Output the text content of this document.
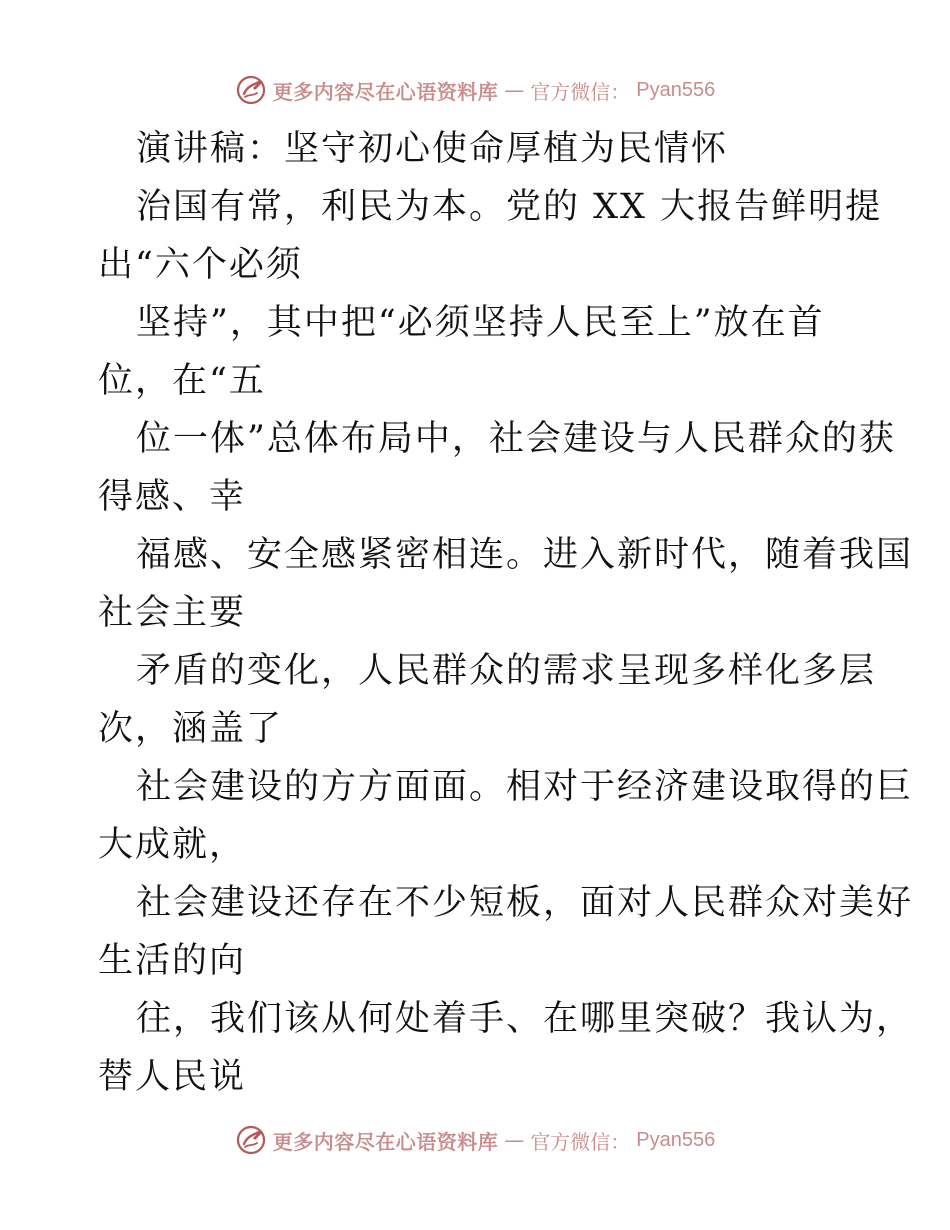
更多内容尽在心语资料库 — 官方微信： Pyan556
演讲稿：坚守初心使命厚植为民情怀
治国有常，利民为本。党的 XX 大报告鲜明提
出“六个必须
坚持”，其中把“必须坚持人民至上”放在首
位，在“五
位一体”总体布局中，社会建设与人民群众的获
得感、幸
福感、安全感紧密相连。进入新时代，随着我国
社会主要
矛盾的变化，人民群众的需求呈现多样化多层
次，涵盖了
社会建设的方方面面。相对于经济建设取得的巨
大成就，
社会建设还存在不少短板，面对人民群众对美好
生活的向
往，我们该从何处着手、在哪里突破？我认为，
替人民说
更多内容尽在心语资料库 — 官方微信： Pyan556
